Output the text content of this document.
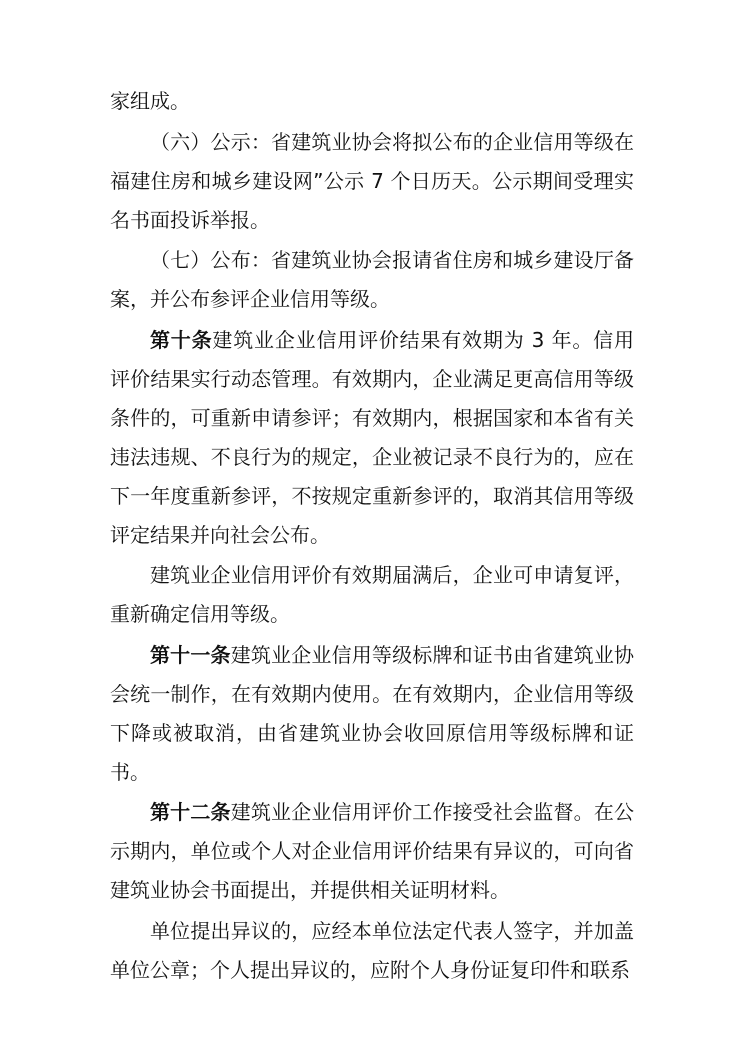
家组成。

（六）公示：省建筑业协会将拟公布的企业信用等级在福建住房和城乡建设网”公示 7 个日历天。公示期间受理实名书面投诉举报。

（七）公布：省建筑业协会报请省住房和城乡建设厅备案，并公布参评企业信用等级。

第十条建筑业企业信用评价结果有效期为 3 年。信用评价结果实行动态管理。有效期内，企业满足更高信用等级条件的，可重新申请参评；有效期内，根据国家和本省有关违法违规、不良行为的规定，企业被记录不良行为的，应在下一年度重新参评，不按规定重新参评的，取消其信用等级评定结果并向社会公布。

建筑业企业信用评价有效期届满后，企业可申请复评，重新确定信用等级。

第十一条建筑业企业信用等级标牌和证书由省建筑业协会统一制作，在有效期内使用。在有效期内，企业信用等级下降或被取消，由省建筑业协会收回原信用等级标牌和证书。

第十二条建筑业企业信用评价工作接受社会监督。在公示期内，单位或个人对企业信用评价结果有异议的，可向省建筑业协会书面提出，并提供相关证明材料。

单位提出异议的，应经本单位法定代表人签字，并加盖单位公章；个人提出异议的，应附个人身份证复印件和联系
